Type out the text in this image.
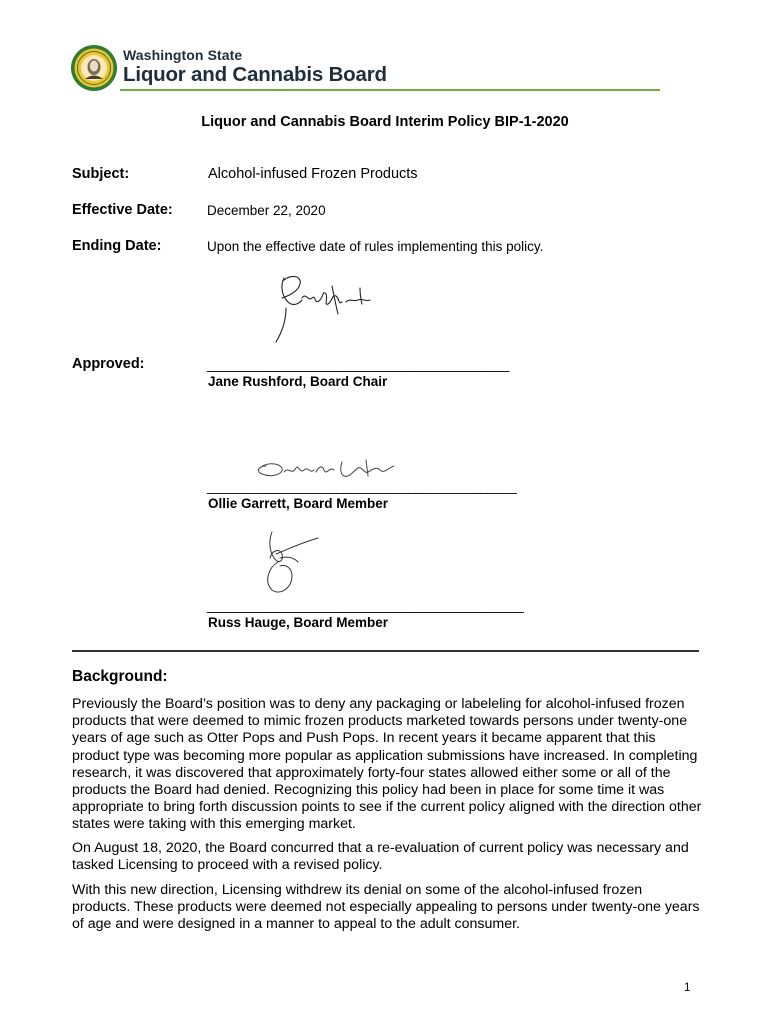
Washington State
Liquor and Cannabis Board
Liquor and Cannabis Board Interim Policy BIP-1-2020
Subject:	Alcohol-infused Frozen Products
Effective Date:	December 22, 2020
Ending Date:	Upon the effective date of rules implementing this policy.
Approved:	__________________________________________
Jane Rushford, Board Chair
___________________________________________
Ollie Garrett, Board Member
____________________________________________
Russ Hauge, Board Member
Background:
Previously the Board’s position was to deny any packaging or labeleling for alcohol-infused frozen products that were deemed to mimic frozen products marketed towards persons under twenty-one years of age such as Otter Pops and Push Pops. In recent years it became apparent that this product type was becoming more popular as application submissions have increased. In completing research, it was discovered that approximately forty-four states allowed either some or all of the products the Board had denied. Recognizing this policy had been in place for some time it was appropriate to bring forth discussion points to see if the current policy aligned with the direction other states were taking with this emerging market.
On August 18, 2020, the Board concurred that a re-evaluation of current policy was necessary and tasked Licensing to proceed with a revised policy.
With this new direction, Licensing withdrew its denial on some of the alcohol-infused frozen products. These products were deemed not especially appealing to persons under twenty-one years of age and were designed in a manner to appeal to the adult consumer.
1
